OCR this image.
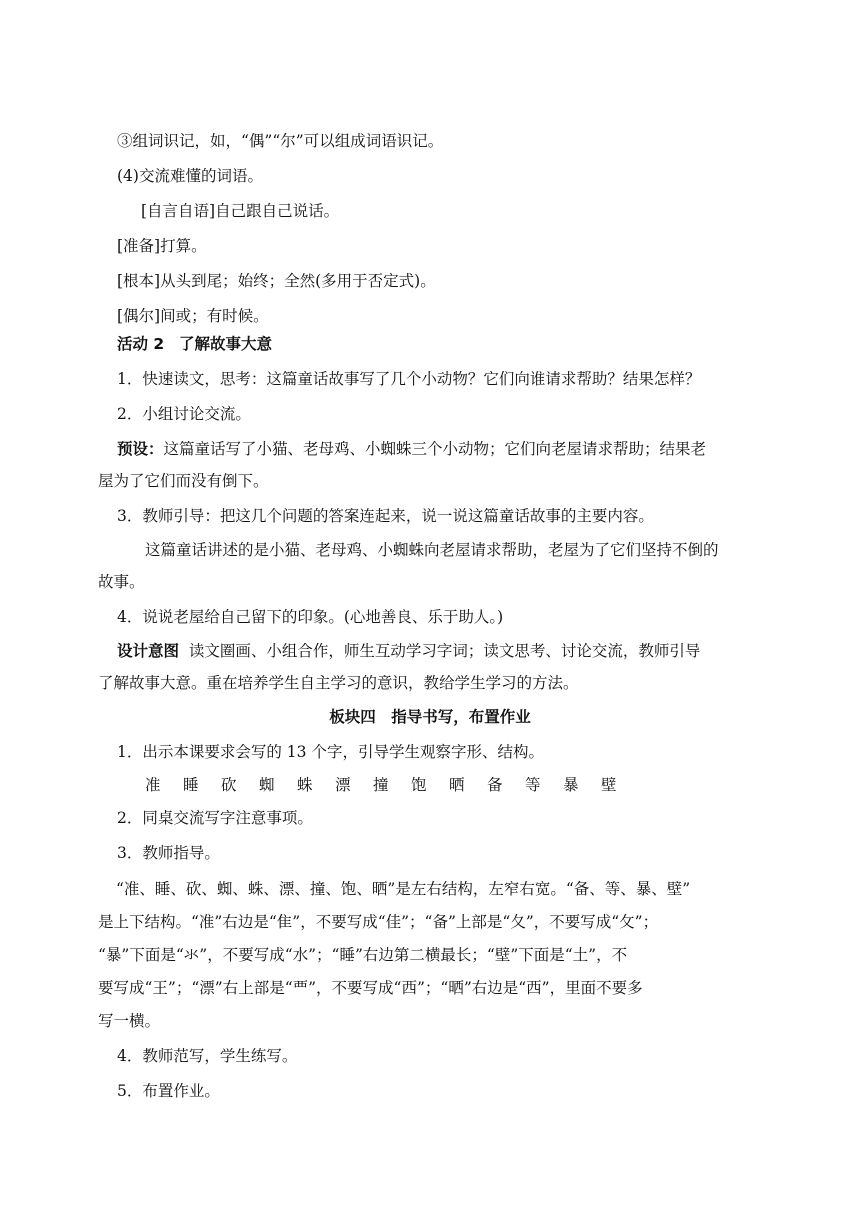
③组词识记，如，“偶”“尔”可以组成词语识记。
(4)交流难懂的词语。
[自言自语]自己跟自己说话。
[准备]打算。
[根本]从头到尾；始终；全然(多用于否定式)。
[偶尔]间或；有时候。
活动 2 了解故事大意
1．快速读文，思考：这篇童话故事写了几个小动物？它们向谁请求帮助？结果怎样？
2．小组讨论交流。
预设：这篇童话写了小猫、老母鸡、小蜘蛛三个小动物；它们向老屋请求帮助；结果老
屋为了它们而没有倒下。
3．教师引导：把这几个问题的答案连起来，说一说这篇童话故事的主要内容。
这篇童话讲述的是小猫、老母鸡、小蜘蛛向老屋请求帮助，老屋为了它们坚持不倒的
故事。
4．说说老屋给自己留下的印象。(心地善良、乐于助人。)
设计意图 读文圈画、小组合作，师生互动学习字词；读文思考、讨论交流，教师引导
了解故事大意。重在培养学生自主学习的意识，教给学生学习的方法。
板块四　指导书写，布置作业
1．出示本课要求会写的 13 个字，引导学生观察字形、结构。
准 睡 砍 蜘 蛛 漂 撞 饱 晒 备 等 暴 壁
2．同桌交流写字注意事项。
3．教师指导。
“准、睡、砍、蜘、蛛、漂、撞、饱、晒”是左右结构，左窄右宽。“备、等、暴、壁”
是上下结构。“准”右边是“隹”，不要写成“佳”；“备”上部是“夂”，不要写成“攵”；
“暴”下面是“氺”，不要写成“水”；“睡”右边第二横最长；“壁”下面是“土”，不
要写成“王”；“漂”右上部是“覀”，不要写成“西”；“晒”右边是“西”，里面不要多
写一横。
4．教师范写，学生练写。
5．布置作业。
